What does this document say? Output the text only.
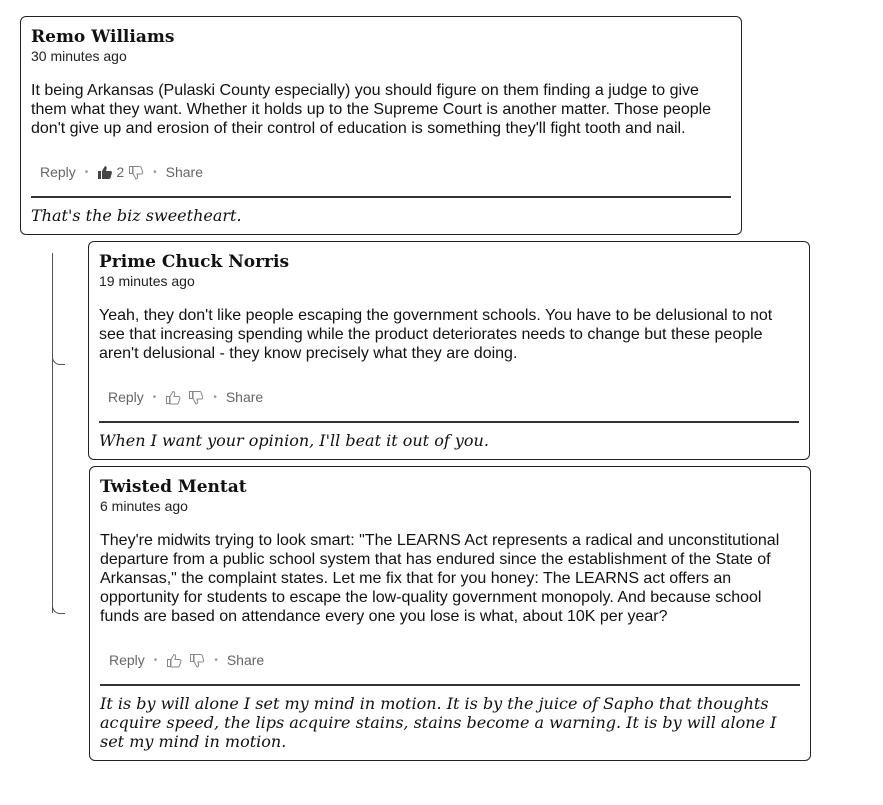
Remo Williams
30 minutes ago
It being Arkansas (Pulaski County especially) you should figure on them finding a judge to give them what they want. Whether it holds up to the Supreme Court is another matter. Those people don't give up and erosion of their control of education is something they'll fight tooth and nail.
Reply • 2	• Share
That's the biz sweetheart.
Prime Chuck Norris
19 minutes ago
Yeah, they don't like people escaping the government schools. You have to be delusional to not see that increasing spending while the product deteriorates needs to change but these people aren't delusional - they know precisely what they are doing.
Reply •	• Share
When I want your opinion, I'll beat it out of you.
Twisted Mentat
6 minutes ago
They're midwits trying to look smart: "The LEARNS Act represents a radical and unconstitutional departure from a public school system that has endured since the establishment of the State of Arkansas," the complaint states. Let me fix that for you honey: The LEARNS act offers an opportunity for students to escape the low-quality government monopoly. And because school funds are based on attendance every one you lose is what, about 10K per year?
Reply •	• Share
It is by will alone I set my mind in motion. It is by the juice of Sapho that thoughts acquire speed, the lips acquire stains, stains become a warning. It is by will alone I set my mind in motion.
